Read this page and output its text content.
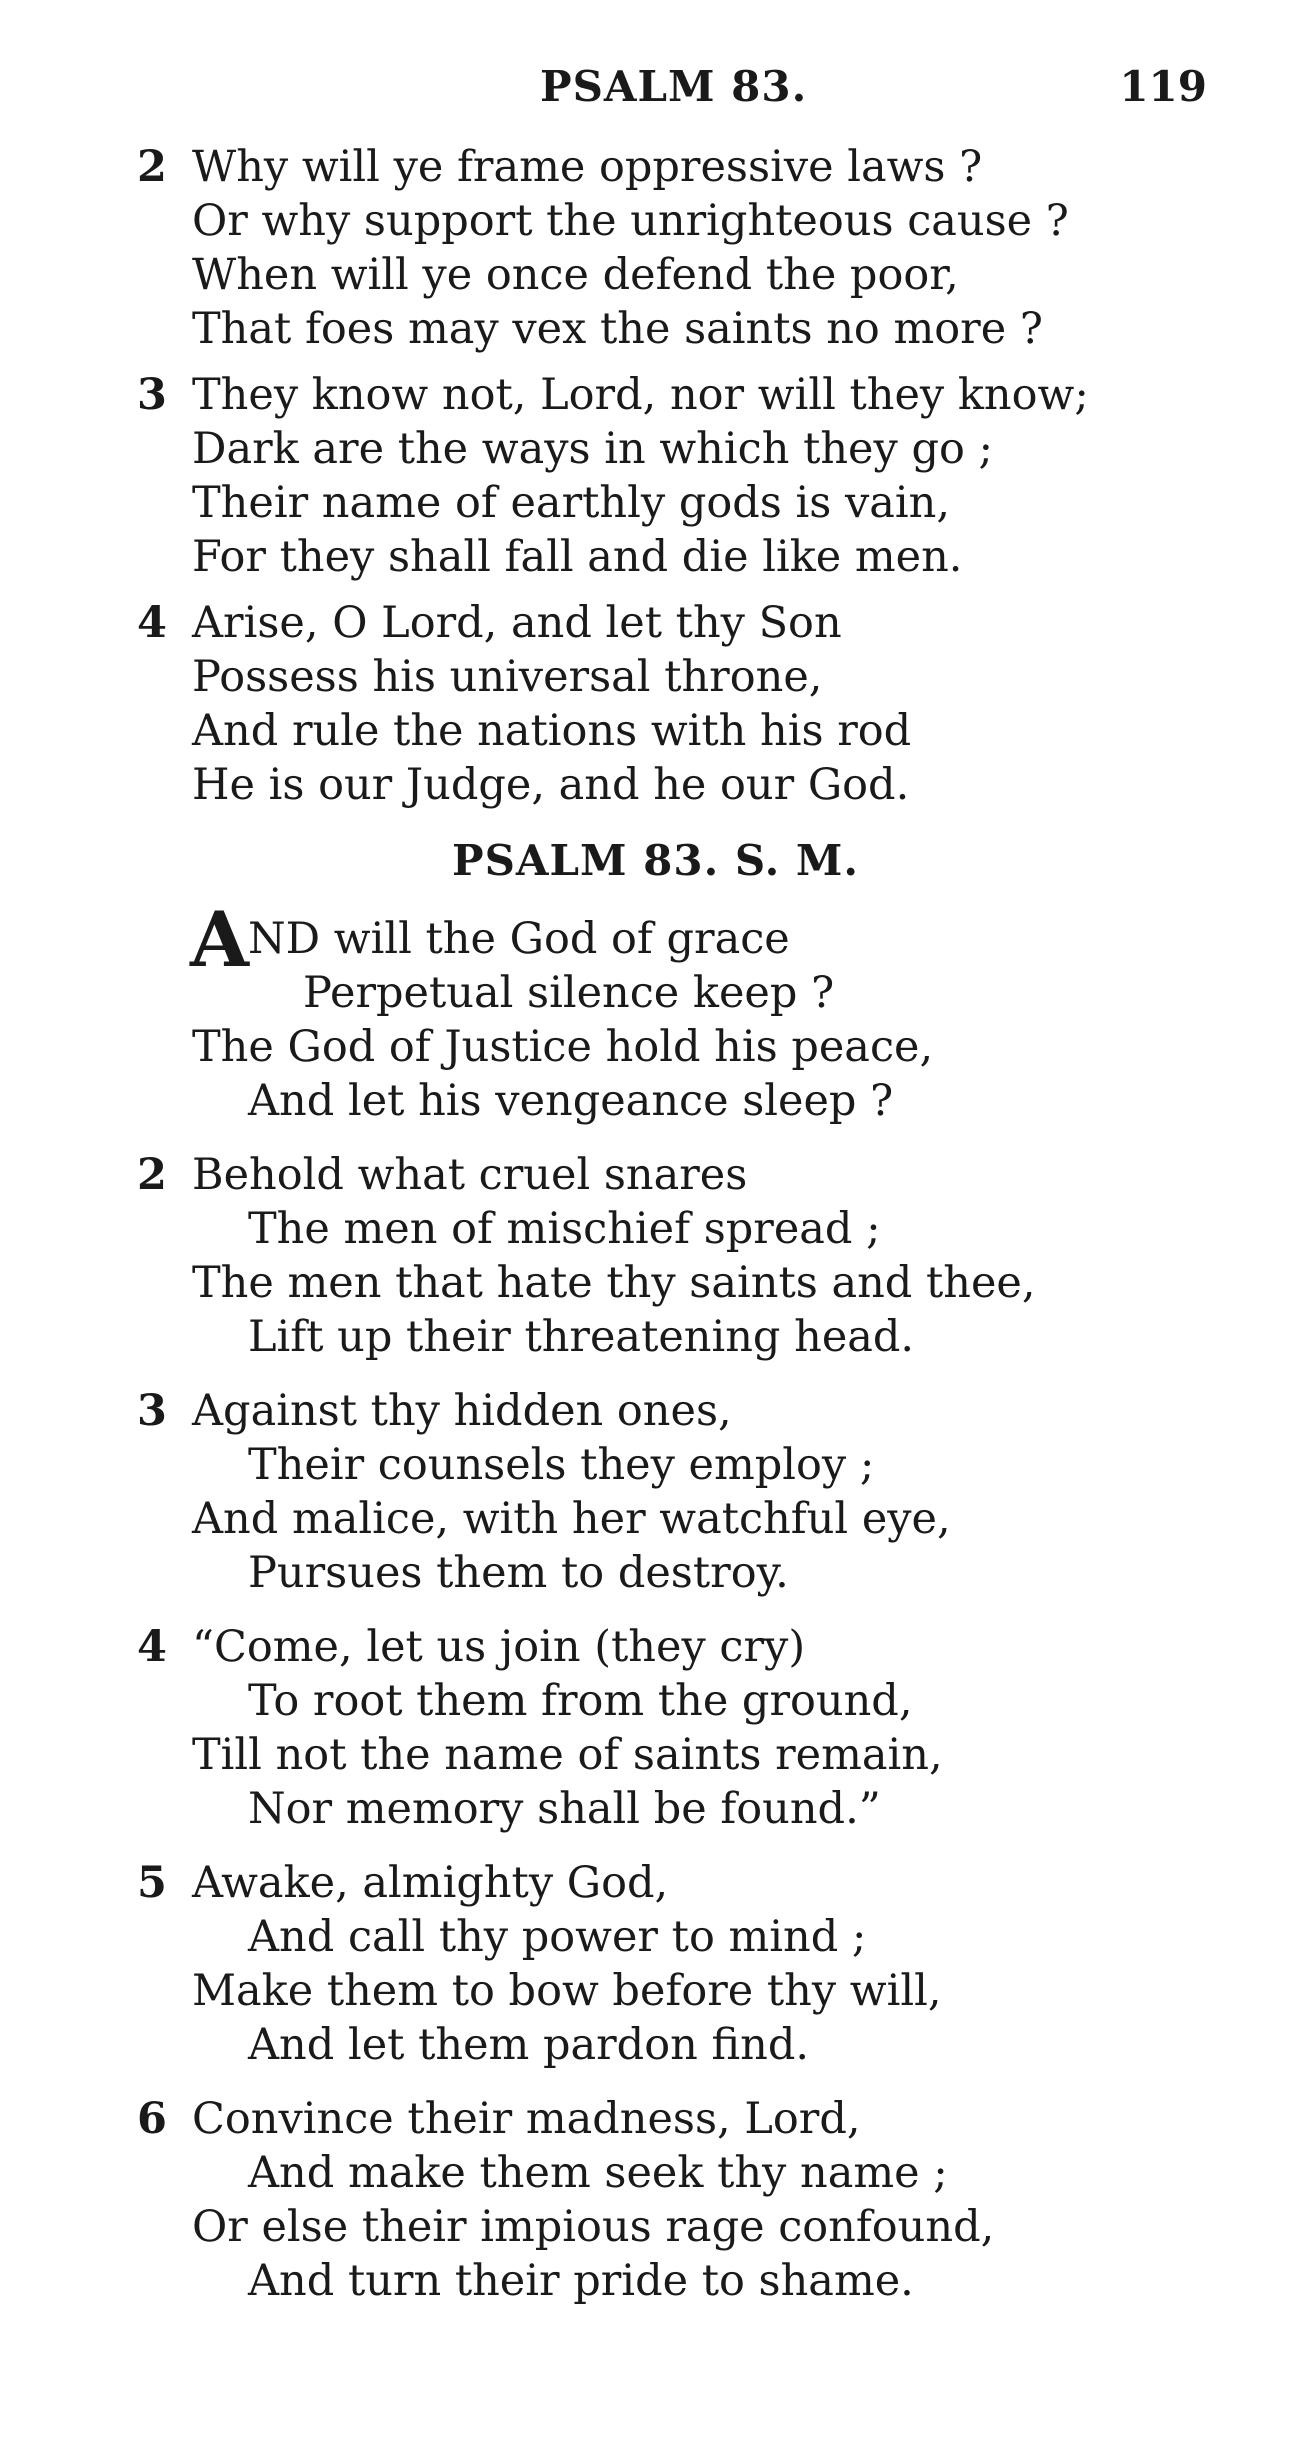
PSALM 83.	119
2 Why will ye frame oppressive laws ?
Or why support the unrighteous cause ?
When will ye once defend the poor,
That foes may vex the saints no more ?
3 They know not, Lord, nor will they know;
Dark are the ways in which they go ;
Their name of earthly gods is vain,
For they shall fall and die like men.
4 Arise, O Lord, and let thy Son
Possess his universal throne,
And rule the nations with his rod
He is our Judge, and he our God.
PSALM 83. S. M.
A ND will the God of grace
Perpetual silence keep ?
The God of Justice hold his peace,
And let his vengeance sleep ?
2 Behold what cruel snares
The men of mischief spread ;
The men that hate thy saints and thee,
Lift up their threatening head.
3 Against thy hidden ones,
Their counsels they employ ;
And malice, with her watchful eye,
Pursues them to destroy.
4 “Come, let us join (they cry)
To root them from the ground,
Till not the name of saints remain,
Nor memory shall be found.”
5 Awake, almighty God,
And call thy power to mind ;
Make them to bow before thy will,
And let them pardon find.
6 Convince their madness, Lord,
And make them seek thy name ;
Or else their impious rage confound,
And turn their pride to shame.
